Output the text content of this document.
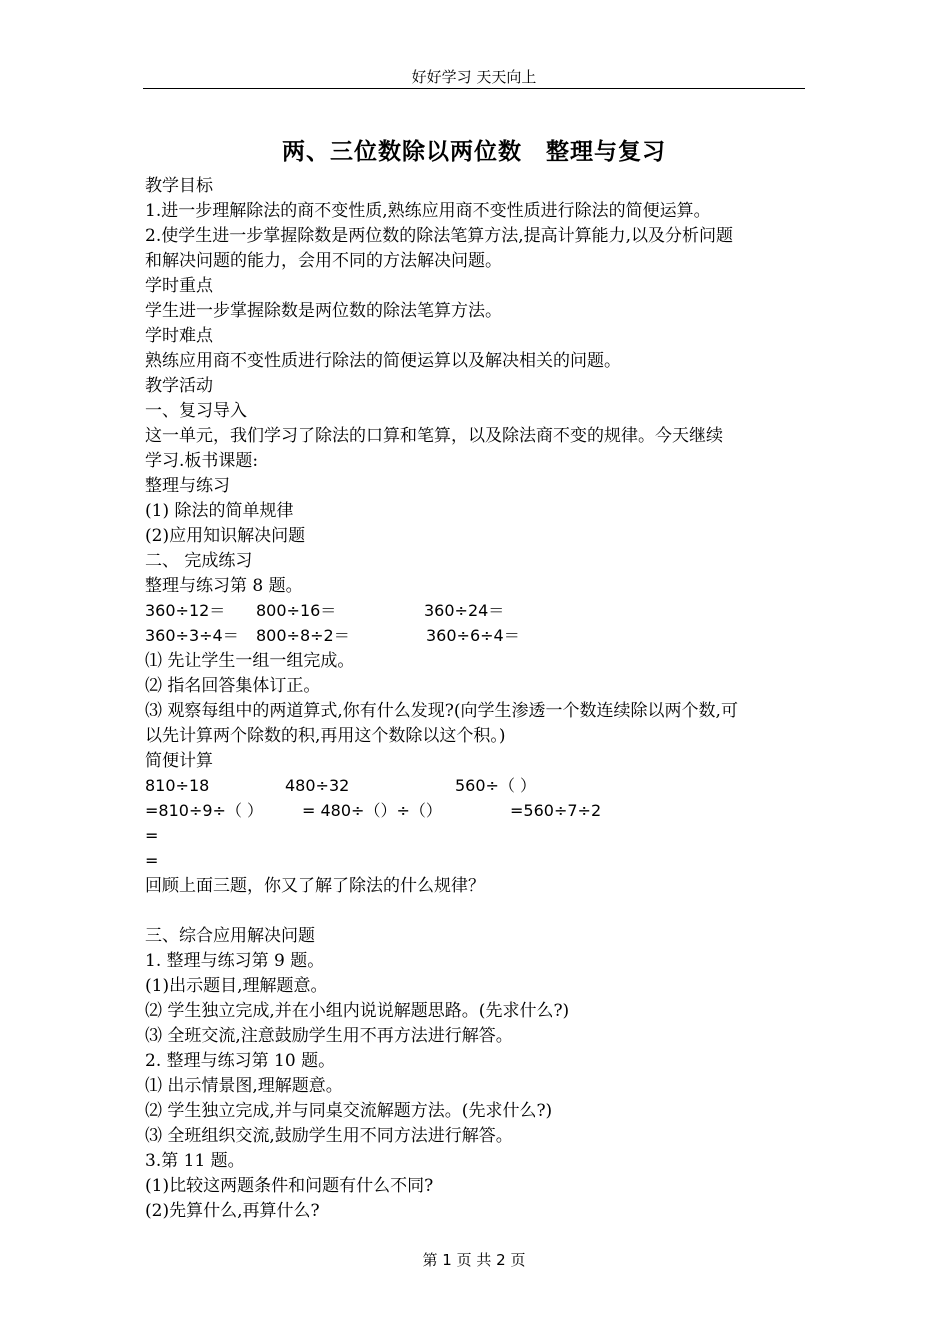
好好学习 天天向上
两、三位数除以两位数　整理与复习
教学目标
1.进一步理解除法的商不变性质,熟练应用商不变性质进行除法的简便运算。
2.使学生进一步掌握除数是两位数的除法笔算方法,提高计算能力,以及分析问题
和解决问题的能力，会用不同的方法解决问题。
学时重点
学生进一步掌握除数是两位数的除法笔算方法。
学时难点
熟练应用商不变性质进行除法的简便运算以及解决相关的问题。
教学活动
一、复习导入
这一单元，我们学习了除法的口算和笔算，以及除法商不变的规律。今天继续
学习.板书课题:
整理与练习
(1) 除法的简单规律
(2)应用知识解决问题
二、 完成练习
整理与练习第 8 题。
360÷12＝ 800÷16＝	360÷24＝
360÷3÷4＝ 800÷8÷2＝	360÷6÷4＝
⑴ 先让学生一组一组完成。
⑵ 指名回答集体订正。
⑶ 观察每组中的两道算式,你有什么发现?(向学生渗透一个数连续除以两个数,可
以先计算两个除数的积,再用这个数除以这个积。)
简便计算
810÷18	480÷32	560÷（ ）
=810÷9÷（ ） = 480÷（）÷（）	=560÷7÷2
=
=
回顾上面三题，你又了解了除法的什么规律？
三、综合应用解决问题
1. 整理与练习第 9 题。
(1)出示题目,理解题意。
⑵ 学生独立完成,并在小组内说说解题思路。(先求什么?)
⑶ 全班交流,注意鼓励学生用不再方法进行解答。
2. 整理与练习第 10 题。
⑴ 出示情景图,理解题意。
⑵ 学生独立完成,并与同桌交流解题方法。(先求什么?)
⑶ 全班组织交流,鼓励学生用不同方法进行解答。
3.第 11 题。
(1)比较这两题条件和问题有什么不同?
(2)先算什么,再算什么?
第 1 页 共 2 页
